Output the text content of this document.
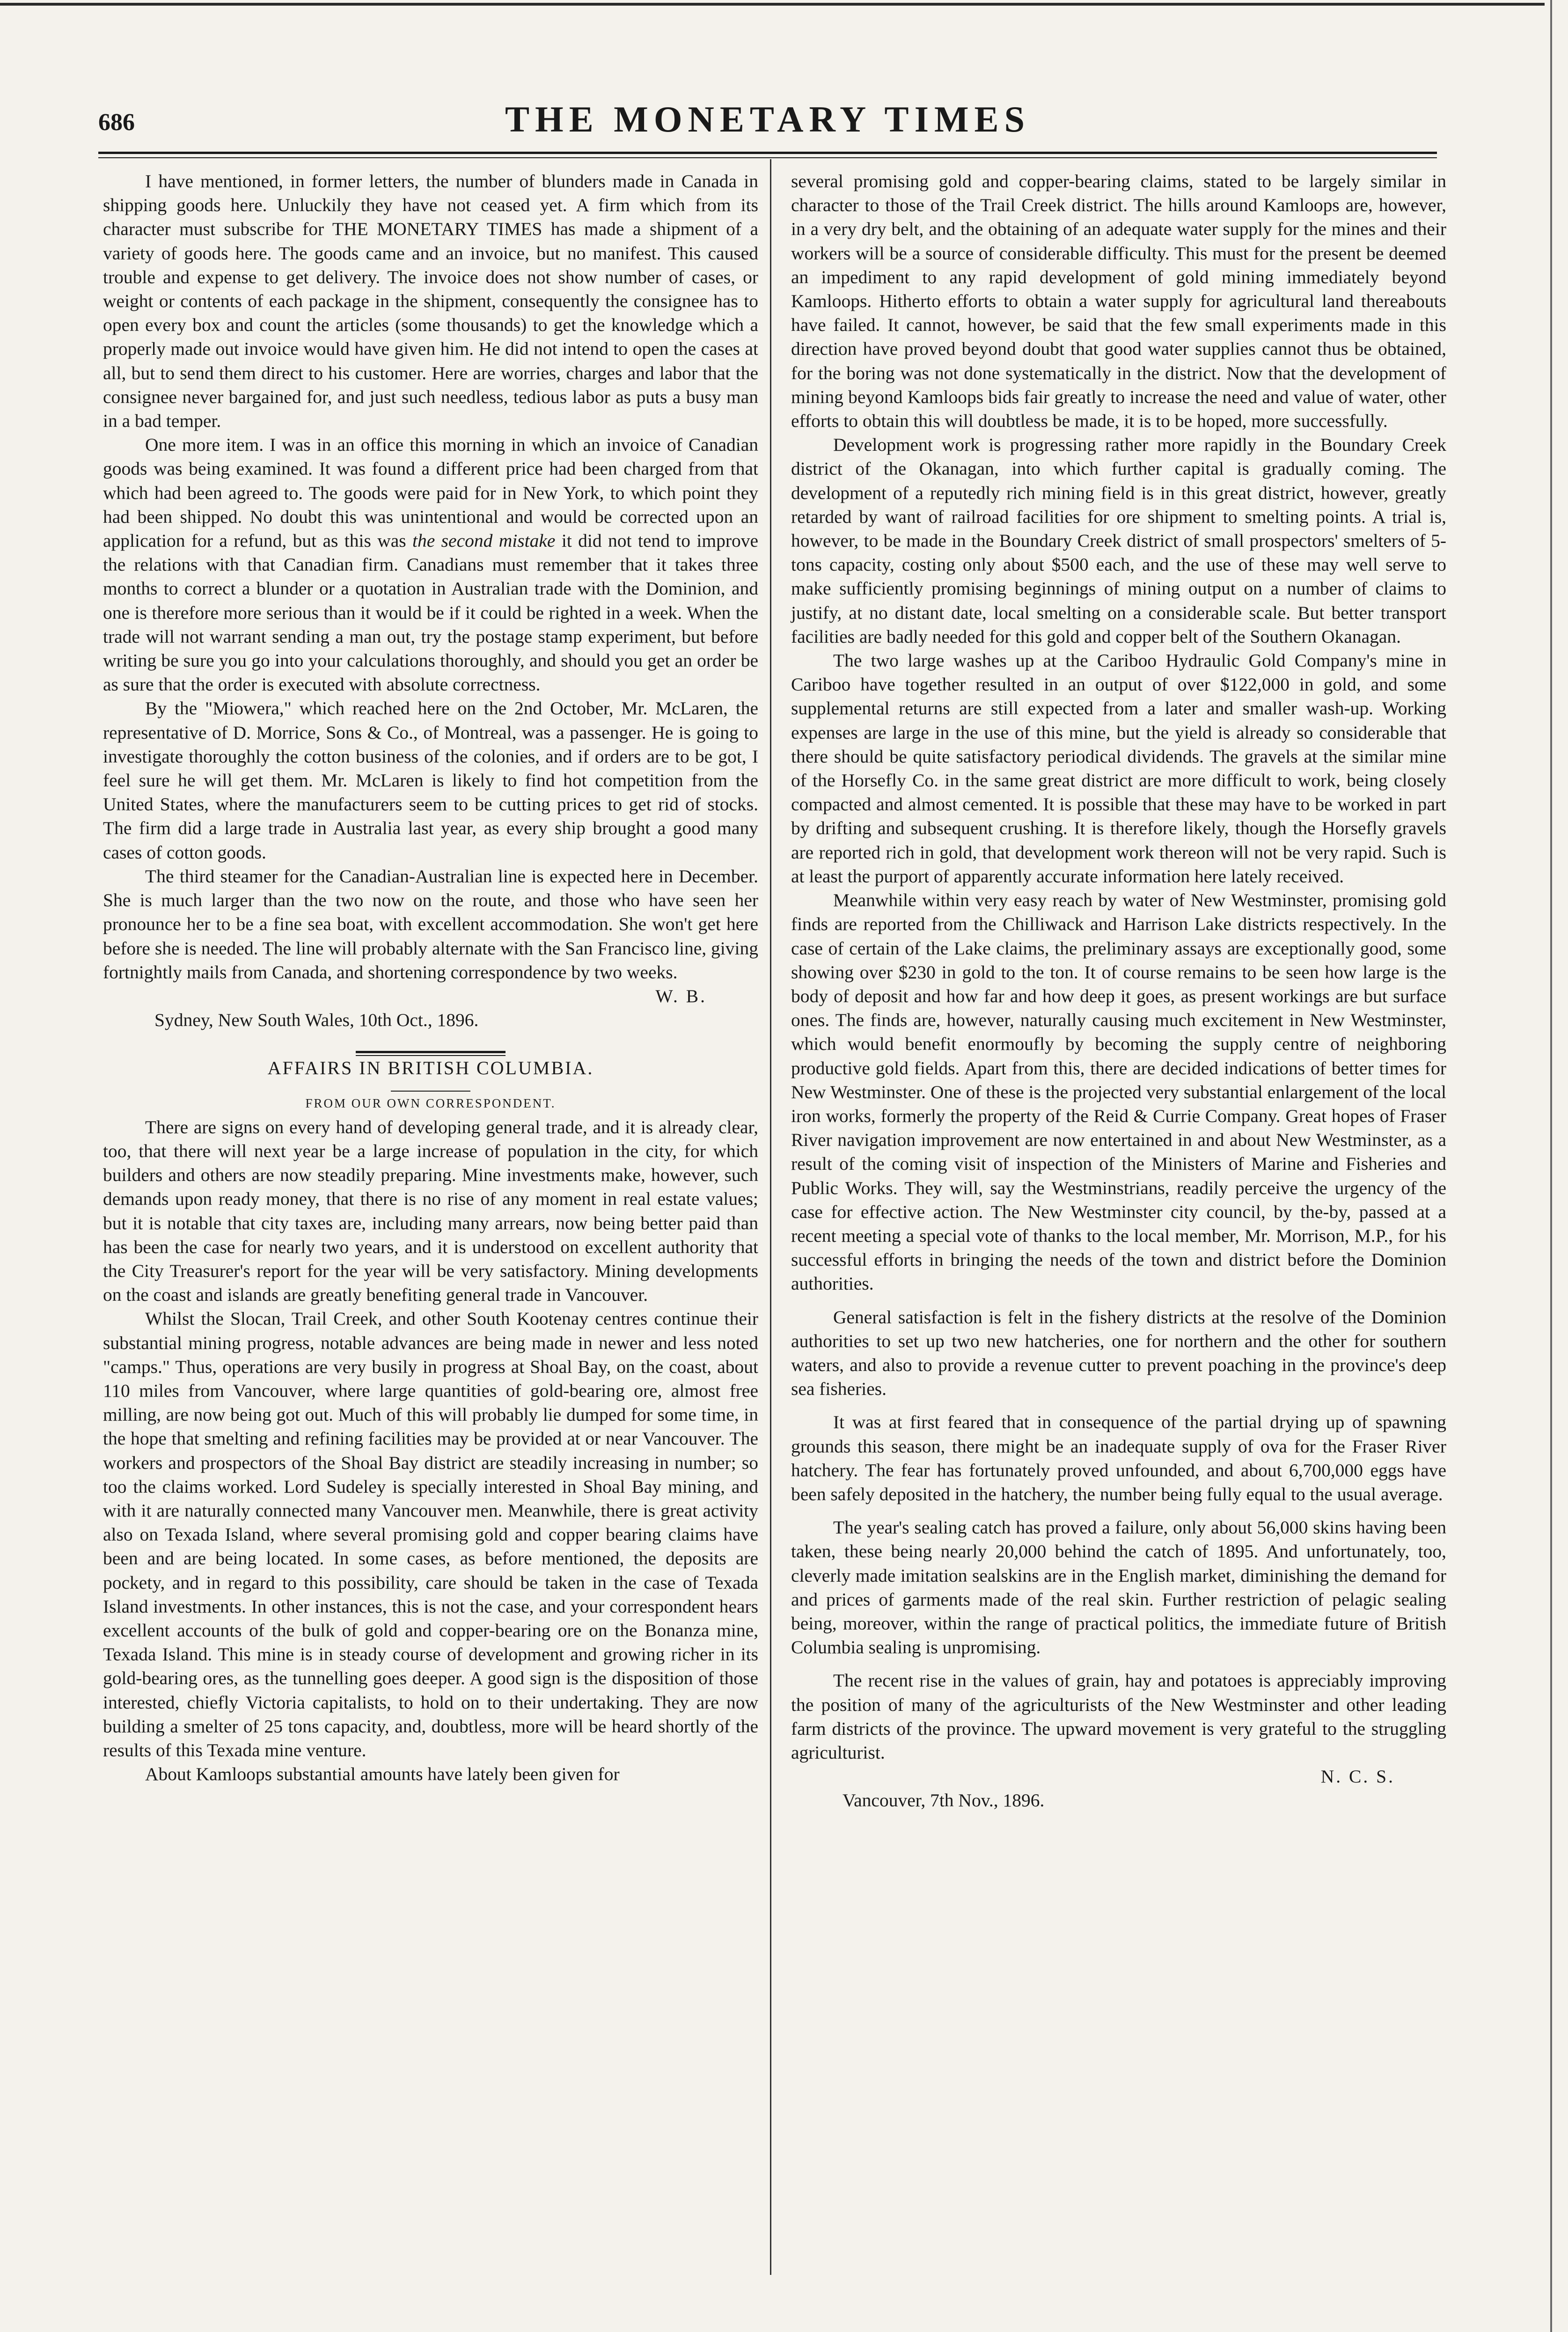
686	THE MONETARY TIMES

I have mentioned, in former letters, the number of blunders made in Canada in shipping goods here. Unluckily they have not ceased yet. A firm which from its character must subscribe for THE MONETARY TIMES has made a shipment of a variety of goods here. The goods came and an invoice, but no manifest. This caused trouble and expense to get delivery. The invoice does not show number of cases, or weight or contents of each package in the shipment, consequently the consignee has to open every box and count the articles (some thousands) to get the knowledge which a properly made out invoice would have given him. He did not intend to open the cases at all, but to send them direct to his customer. Here are worries, charges and labor that the consignee never bargained for, and just such needless, tedious labor as puts a busy man in a bad temper.

One more item. I was in an office this morning in which an invoice of Canadian goods was being examined. It was found a different price had been charged from that which had been agreed to. The goods were paid for in New York, to which point they had been shipped. No doubt this was unintentional and would be corrected upon an application for a refund, but as this was the second mistake it did not tend to improve the relations with that Canadian firm. Canadians must remember that it takes three months to correct a blunder or a quotation in Australian trade with the Dominion, and one is therefore more serious than it would be if it could be righted in a week. When the trade will not warrant sending a man out, try the postage stamp experiment, but before writing be sure you go into your calculations thoroughly, and should you get an order be as sure that the order is executed with absolute correctness.

By the "Miowera," which reached here on the 2nd October, Mr. McLaren, the representative of D. Morrice, Sons & Co., of Montreal, was a passenger. He is going to investigate thoroughly the cotton business of the colonies, and if orders are to be got, I feel sure he will get them. Mr. McLaren is likely to find hot competition from the United States, where the manufacturers seem to be cutting prices to get rid of stocks. The firm did a large trade in Australia last year, as every ship brought a good many cases of cotton goods.

The third steamer for the Canadian-Australian line is expected here in December. She is much larger than the two now on the route, and those who have seen her pronounce her to be a fine sea boat, with excellent accommodation. She won't get here before she is needed. The line will probably alternate with the San Francisco line, giving fortnightly mails from Canada, and shortening correspondence by two weeks.

W. B.

Sydney, New South Wales, 10th Oct., 1896.

AFFAIRS IN BRITISH COLUMBIA.

FROM OUR OWN CORRESPONDENT.

There are signs on every hand of developing general trade, and it is already clear, too, that there will next year be a large increase of population in the city, for which builders and others are now steadily preparing. Mine investments make, however, such demands upon ready money, that there is no rise of any moment in real estate values; but it is notable that city taxes are, including many arrears, now being better paid than has been the case for nearly two years, and it is understood on excellent authority that the City Treasurer's report for the year will be very satisfactory. Mining developments on the coast and islands are greatly benefiting general trade in Vancouver.

Whilst the Slocan, Trail Creek, and other South Kootenay centres continue their substantial mining progress, notable advances are being made in newer and less noted "camps." Thus, operations are very busily in progress at Shoal Bay, on the coast, about 110 miles from Vancouver, where large quantities of gold-bearing ore, almost free milling, are now being got out. Much of this will probably lie dumped for some time, in the hope that smelting and refining facilities may be provided at or near Vancouver. The workers and prospectors of the Shoal Bay district are steadily increasing in number; so too the claims worked. Lord Sudeley is specially interested in Shoal Bay mining, and with it are naturally connected many Vancouver men. Meanwhile, there is great activity also on Texada Island, where several promising gold and copper bearing claims have been and are being located. In some cases, as before mentioned, the deposits are pockety, and in regard to this possibility, care should be taken in the case of Texada Island investments. In other instances, this is not the case, and your correspondent hears excellent accounts of the bulk of gold and copper-bearing ore on the Bonanza mine, Texada Island. This mine is in steady course of development and growing richer in its gold-bearing ores, as the tunnelling goes deeper. A good sign is the disposition of those interested, chiefly Victoria capitalists, to hold on to their undertaking. They are now building a smelter of 25 tons capacity, and, doubtless, more will be heard shortly of the results of this Texada mine venture.

About Kamloops substantial amounts have lately been given for

several promising gold and copper-bearing claims, stated to be largely similar in character to those of the Trail Creek district. The hills around Kamloops are, however, in a very dry belt, and the obtaining of an adequate water supply for the mines and their workers will be a source of considerable difficulty. This must for the present be deemed an impediment to any rapid development of gold mining immediately beyond Kamloops. Hitherto efforts to obtain a water supply for agricultural land thereabouts have failed. It cannot, however, be said that the few small experiments made in this direction have proved beyond doubt that good water supplies cannot thus be obtained, for the boring was not done systematically in the district. Now that the development of mining beyond Kamloops bids fair greatly to increase the need and value of water, other efforts to obtain this will doubtless be made, it is to be hoped, more successfully.

Development work is progressing rather more rapidly in the Boundary Creek district of the Okanagan, into which further capital is gradually coming. The development of a reputedly rich mining field is in this great district, however, greatly retarded by want of railroad facilities for ore shipment to smelting points. A trial is, however, to be made in the Boundary Creek district of small prospectors' smelters of 5-tons capacity, costing only about $500 each, and the use of these may well serve to make sufficiently promising beginnings of mining output on a number of claims to justify, at no distant date, local smelting on a considerable scale. But better transport facilities are badly needed for this gold and copper belt of the Southern Okanagan.

The two large washes up at the Cariboo Hydraulic Gold Company's mine in Cariboo have together resulted in an output of over $122,000 in gold, and some supplemental returns are still expected from a later and smaller wash-up. Working expenses are large in the use of this mine, but the yield is already so considerable that there should be quite satisfactory periodical dividends. The gravels at the similar mine of the Horsefly Co. in the same great district are more difficult to work, being closely compacted and almost cemented. It is possible that these may have to be worked in part by drifting and subsequent crushing. It is therefore likely, though the Horsefly gravels are reported rich in gold, that development work thereon will not be very rapid. Such is at least the purport of apparently accurate information here lately received.

Meanwhile within very easy reach by water of New Westminster, promising gold finds are reported from the Chilliwack and Harrison Lake districts respectively. In the case of certain of the Lake claims, the preliminary assays are exceptionally good, some showing over $230 in gold to the ton. It of course remains to be seen how large is the body of deposit and how far and how deep it goes, as present workings are but surface ones. The finds are, however, naturally causing much excitement in New Westminster, which would benefit enormoufly by becoming the supply centre of neighboring productive gold fields. Apart from this, there are decided indications of better times for New Westminster. One of these is the projected very substantial enlargement of the local iron works, formerly the property of the Reid & Currie Company. Great hopes of Fraser River navigation improvement are now entertained in and about New Westminster, as a result of the coming visit of inspection of the Ministers of Marine and Fisheries and Public Works. They will, say the Westminstrians, readily perceive the urgency of the case for effective action. The New Westminster city council, by the-by, passed at a recent meeting a special vote of thanks to the local member, Mr. Morrison, M.P., for his successful efforts in bringing the needs of the town and district before the Dominion authorities.

General satisfaction is felt in the fishery districts at the resolve of the Dominion authorities to set up two new hatcheries, one for northern and the other for southern waters, and also to provide a revenue cutter to prevent poaching in the province's deep sea fisheries.

It was at first feared that in consequence of the partial drying up of spawning grounds this season, there might be an inadequate supply of ova for the Fraser River hatchery. The fear has fortunately proved unfounded, and about 6,700,000 eggs have been safely deposited in the hatchery, the number being fully equal to the usual average.

The year's sealing catch has proved a failure, only about 56,000 skins having been taken, these being nearly 20,000 behind the catch of 1895. And unfortunately, too, cleverly made imitation sealskins are in the English market, diminishing the demand for and prices of garments made of the real skin. Further restriction of pelagic sealing being, moreover, within the range of practical politics, the immediate future of British Columbia sealing is unpromising.

The recent rise in the values of grain, hay and potatoes is appreciably improving the position of many of the agriculturists of the New Westminster and other leading farm districts of the province. The upward movement is very grateful to the struggling agriculturist.

N. C. S.

Vancouver, 7th Nov., 1896.
